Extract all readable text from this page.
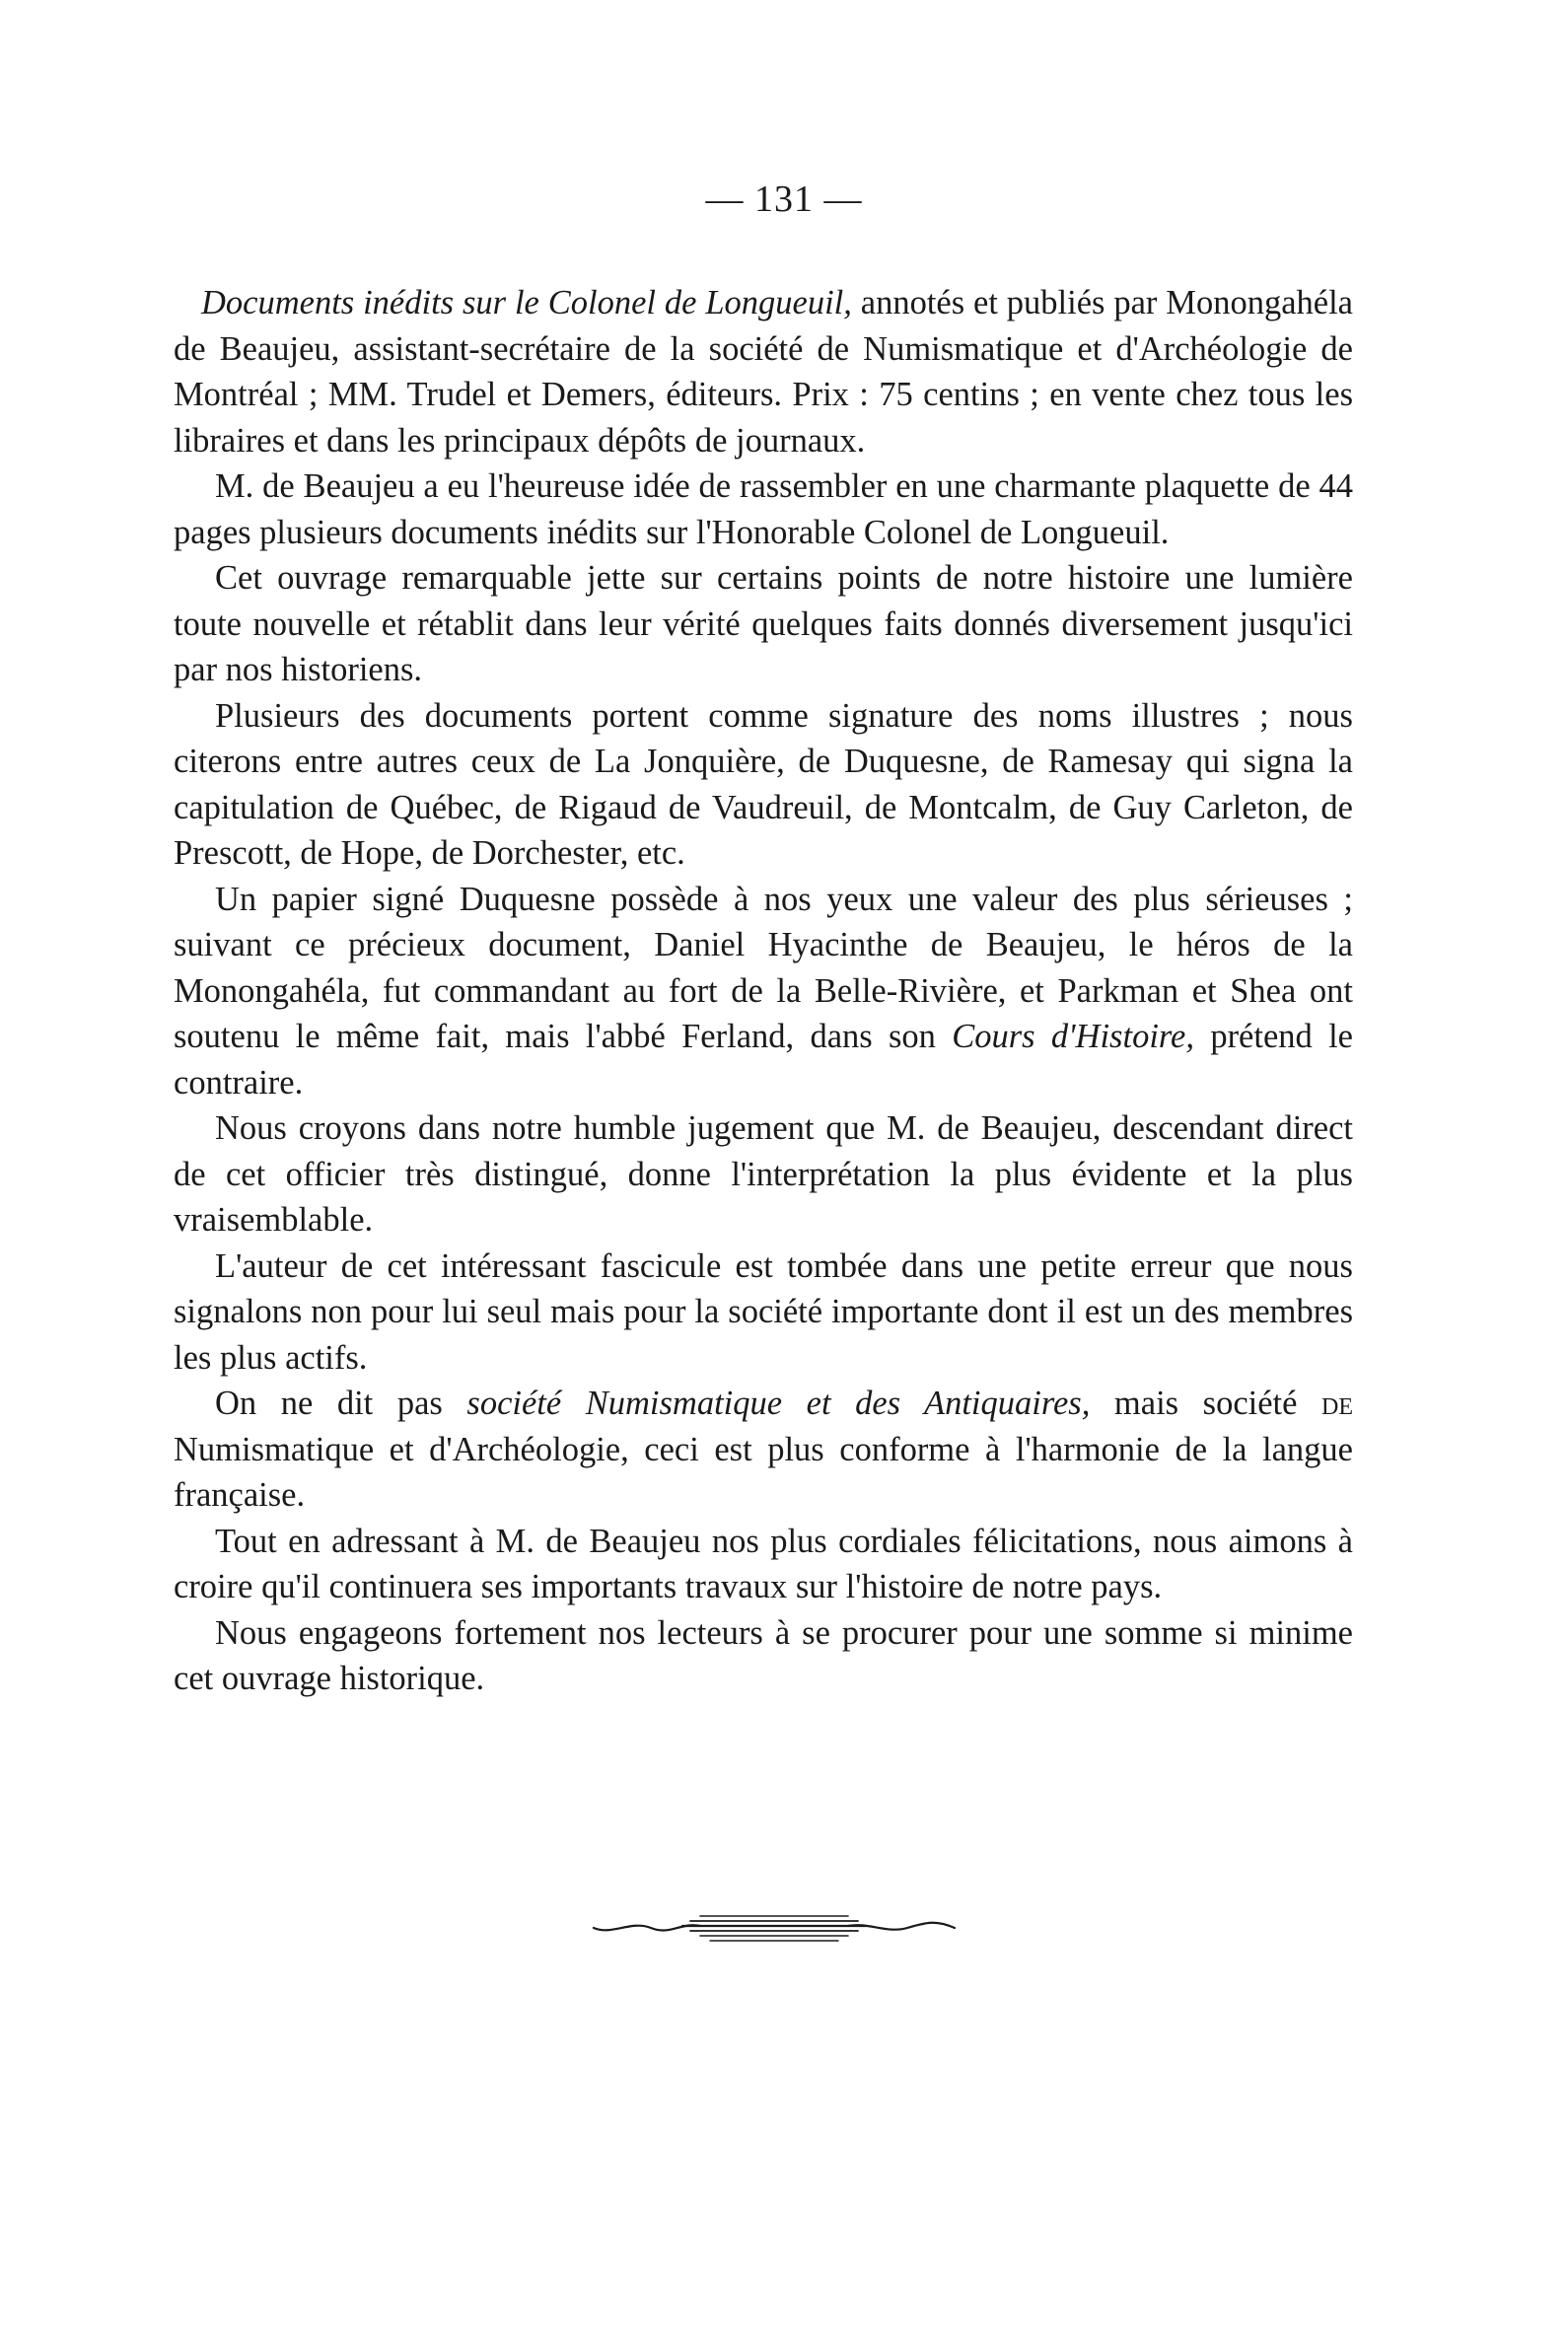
— 131 —

Documents inédits sur le Colonel de Longueuil, annotés et publiés par Monongahéla de Beaujeu, assistant-secrétaire de la société de Numismatique et d'Archéologie de Montréal ; MM. Trudel et Demers, éditeurs. Prix : 75 centins ; en vente chez tous les libraires et dans les principaux dépôts de journaux.

M. de Beaujeu a eu l'heureuse idée de rassembler en une charmante plaquette de 44 pages plusieurs documents inédits sur l'Honorable Colonel de Longueuil.

Cet ouvrage remarquable jette sur certains points de notre histoire une lumière toute nouvelle et rétablit dans leur vérité quelques faits donnés diversement jusqu'ici par nos historiens.

Plusieurs des documents portent comme signature des noms illustres ; nous citerons entre autres ceux de La Jonquière, de Duquesne, de Ramesay qui signa la capitulation de Québec, de Rigaud de Vaudreuil, de Montcalm, de Guy Carleton, de Prescott, de Hope, de Dorchester, etc.

Un papier signé Duquesne possède à nos yeux une valeur des plus sérieuses ; suivant ce précieux document, Daniel Hyacinthe de Beaujeu, le héros de la Monongahéla, fut commandant au fort de la Belle-Rivière, et Parkman et Shea ont soutenu le même fait, mais l'abbé Ferland, dans son Cours d'Histoire, prétend le contraire.

Nous croyons dans notre humble jugement que M. de Beaujeu, descendant direct de cet officier très distingué, donne l'interprétation la plus évidente et la plus vraisemblable.

L'auteur de cet intéressant fascicule est tombée dans une petite erreur que nous signalons non pour lui seul mais pour la société importante dont il est un des membres les plus actifs.

On ne dit pas société Numismatique et des Antiquaires, mais société de Numismatique et d'Archéologie, ceci est plus conforme à l'harmonie de la langue française.

Tout en adressant à M. de Beaujeu nos plus cordiales félicitations, nous aimons à croire qu'il continuera ses importants travaux sur l'histoire de notre pays.

Nous engageons fortement nos lecteurs à se procurer pour une somme si minime cet ouvrage historique.
